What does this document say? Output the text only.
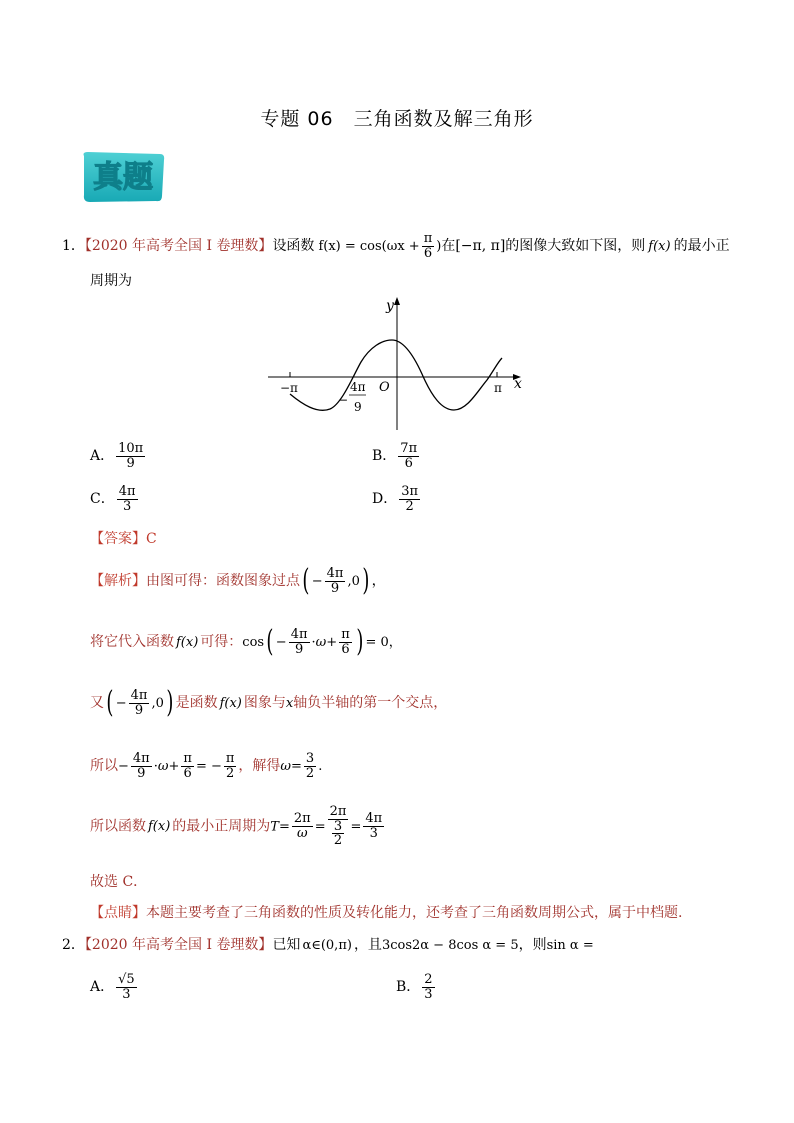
专题 06　三角函数及解三角形
真题
1．【2020 年高考全国 I 卷理数】设函数 $f(x) = \cos(\omega x + \frac{\pi}{6}$ )在[−π, π]的图像大致如下图，则 f(x) 的最小正
周期为
y
x
O
−π	π
−
4π
9
A． $\frac{10\pi}{9}$	B． $\frac{7\pi}{6}$
C． $\frac{4\pi}{3}$	D． $\frac{3\pi}{2}$
【答案】C
【解析】由图可得：函数图象过点( − $\frac{4\pi}{9} ,0$) ，
将它代入函数 f(x) 可得：$\cos( - \frac{4\pi}{9} \cdot\omega+ \frac{\pi}{6}$ ) = 0，
又( − $\frac{4\pi}{9} ,0$) 是函数 f(x) 图象与x轴负半轴的第一个交点，
所以− $\frac{4\pi}{9} \cdot\omega+ \frac{\pi}{6}$ = − $\frac{\pi}{2}$ ，解得$\omega= \frac{3}{2}$ .
所以函数 f(x) 的最小正周期为$T= \frac{2\pi}{\omega} = \frac{2\pi}{\frac{3}{2}} = \frac{4\pi}{3}$
故选 C．
【点睛】本题主要考查了三角函数的性质及转化能力，还考查了三角函数周期公式，属于中档题.
2．【2020 年高考全国 I 卷理数】已知 α∈(0,π) ，且3cos2α − 8cos α = 5，则sin α =
A． $\frac{√5}{3}$	B． $\frac{2}{3}$
